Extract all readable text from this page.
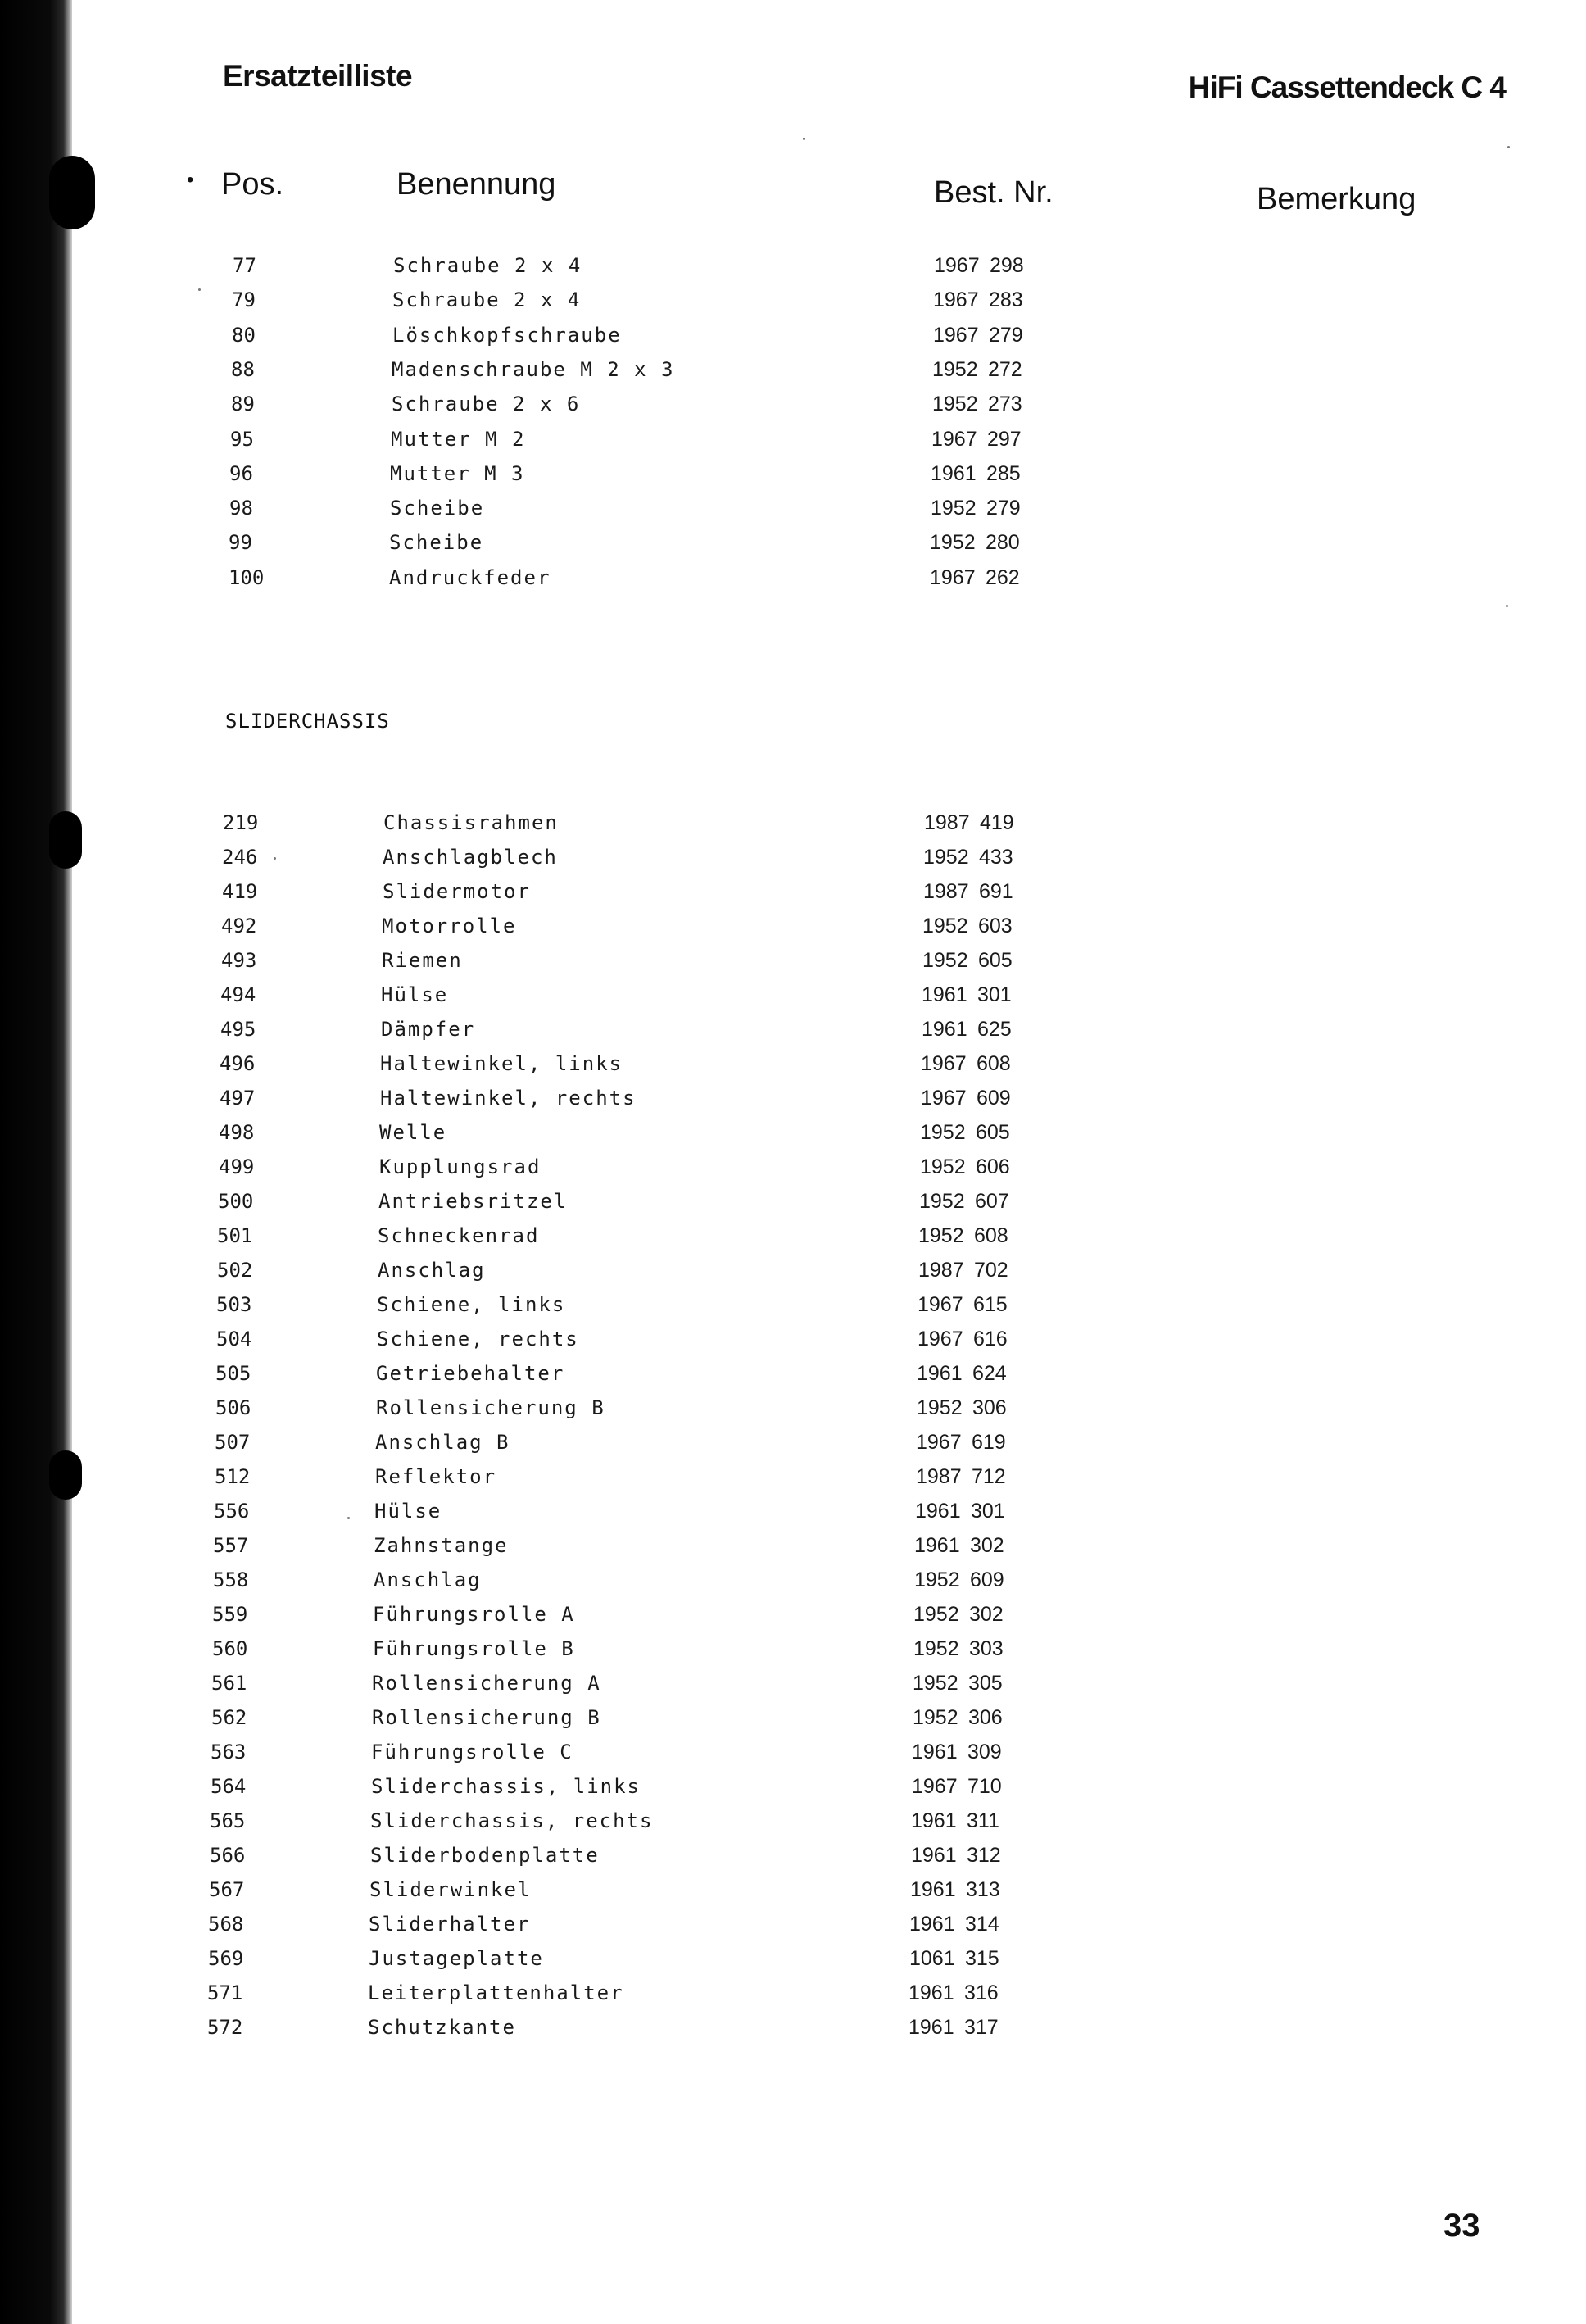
Ersatzteilliste	HiFi Cassettendeck C 4
• Pos.	Benennung	Best. Nr.	Bemerkung
77	Schraube 2 x 4	1967 298
79	Schraube 2 x 4	1967 283
80	Löschkopfschraube	1967 279
88	Madenschraube M 2 x 3	1952 272
89	Schraube 2 x 6	1952 273
95	Mutter M 2	1967 297
96	Mutter M 3	1961 285
98	Scheibe	1952 279
99	Scheibe	1952 280
100	Andruckfeder	1967 262
SLIDERCHASSIS
219	Chassisrahmen	1987 419
246	Anschlagblech	1952 433
419	Slidermotor	1987 691
492	Motorrolle	1952 603
493	Riemen	1952 605
494	Hülse	1961 301
495	Dämpfer	1961 625
496	Haltewinkel, links	1967 608
497	Haltewinkel, rechts	1967 609
498	Welle	1952 605
499	Kupplungsrad	1952 606
500	Antriebsritzel	1952 607
501	Schneckenrad	1952 608
502	Anschlag	1987 702
503	Schiene, links	1967 615
504	Schiene, rechts	1967 616
505	Getriebehalter	1961 624
506	Rollensicherung B	1952 306
507	Anschlag B	1967 619
512	Reflektor	1987 712
556	Hülse	1961 301
557	Zahnstange	1961 302
558	Anschlag	1952 609
559	Führungsrolle A	1952 302
560	Führungsrolle B	1952 303
561	Rollensicherung A	1952 305
562	Rollensicherung B	1952 306
563	Führungsrolle C	1961 309
564	Sliderchassis, links	1967 710
565	Sliderchassis, rechts	1961 311
566	Sliderbodenplatte	1961 312
567	Sliderwinkel	1961 313
568	Sliderhalter	1961 314
569	Justageplatte	1061 315
571	Leiterplattenhalter	1961 316
572	Schutzkante	1961 317
33
